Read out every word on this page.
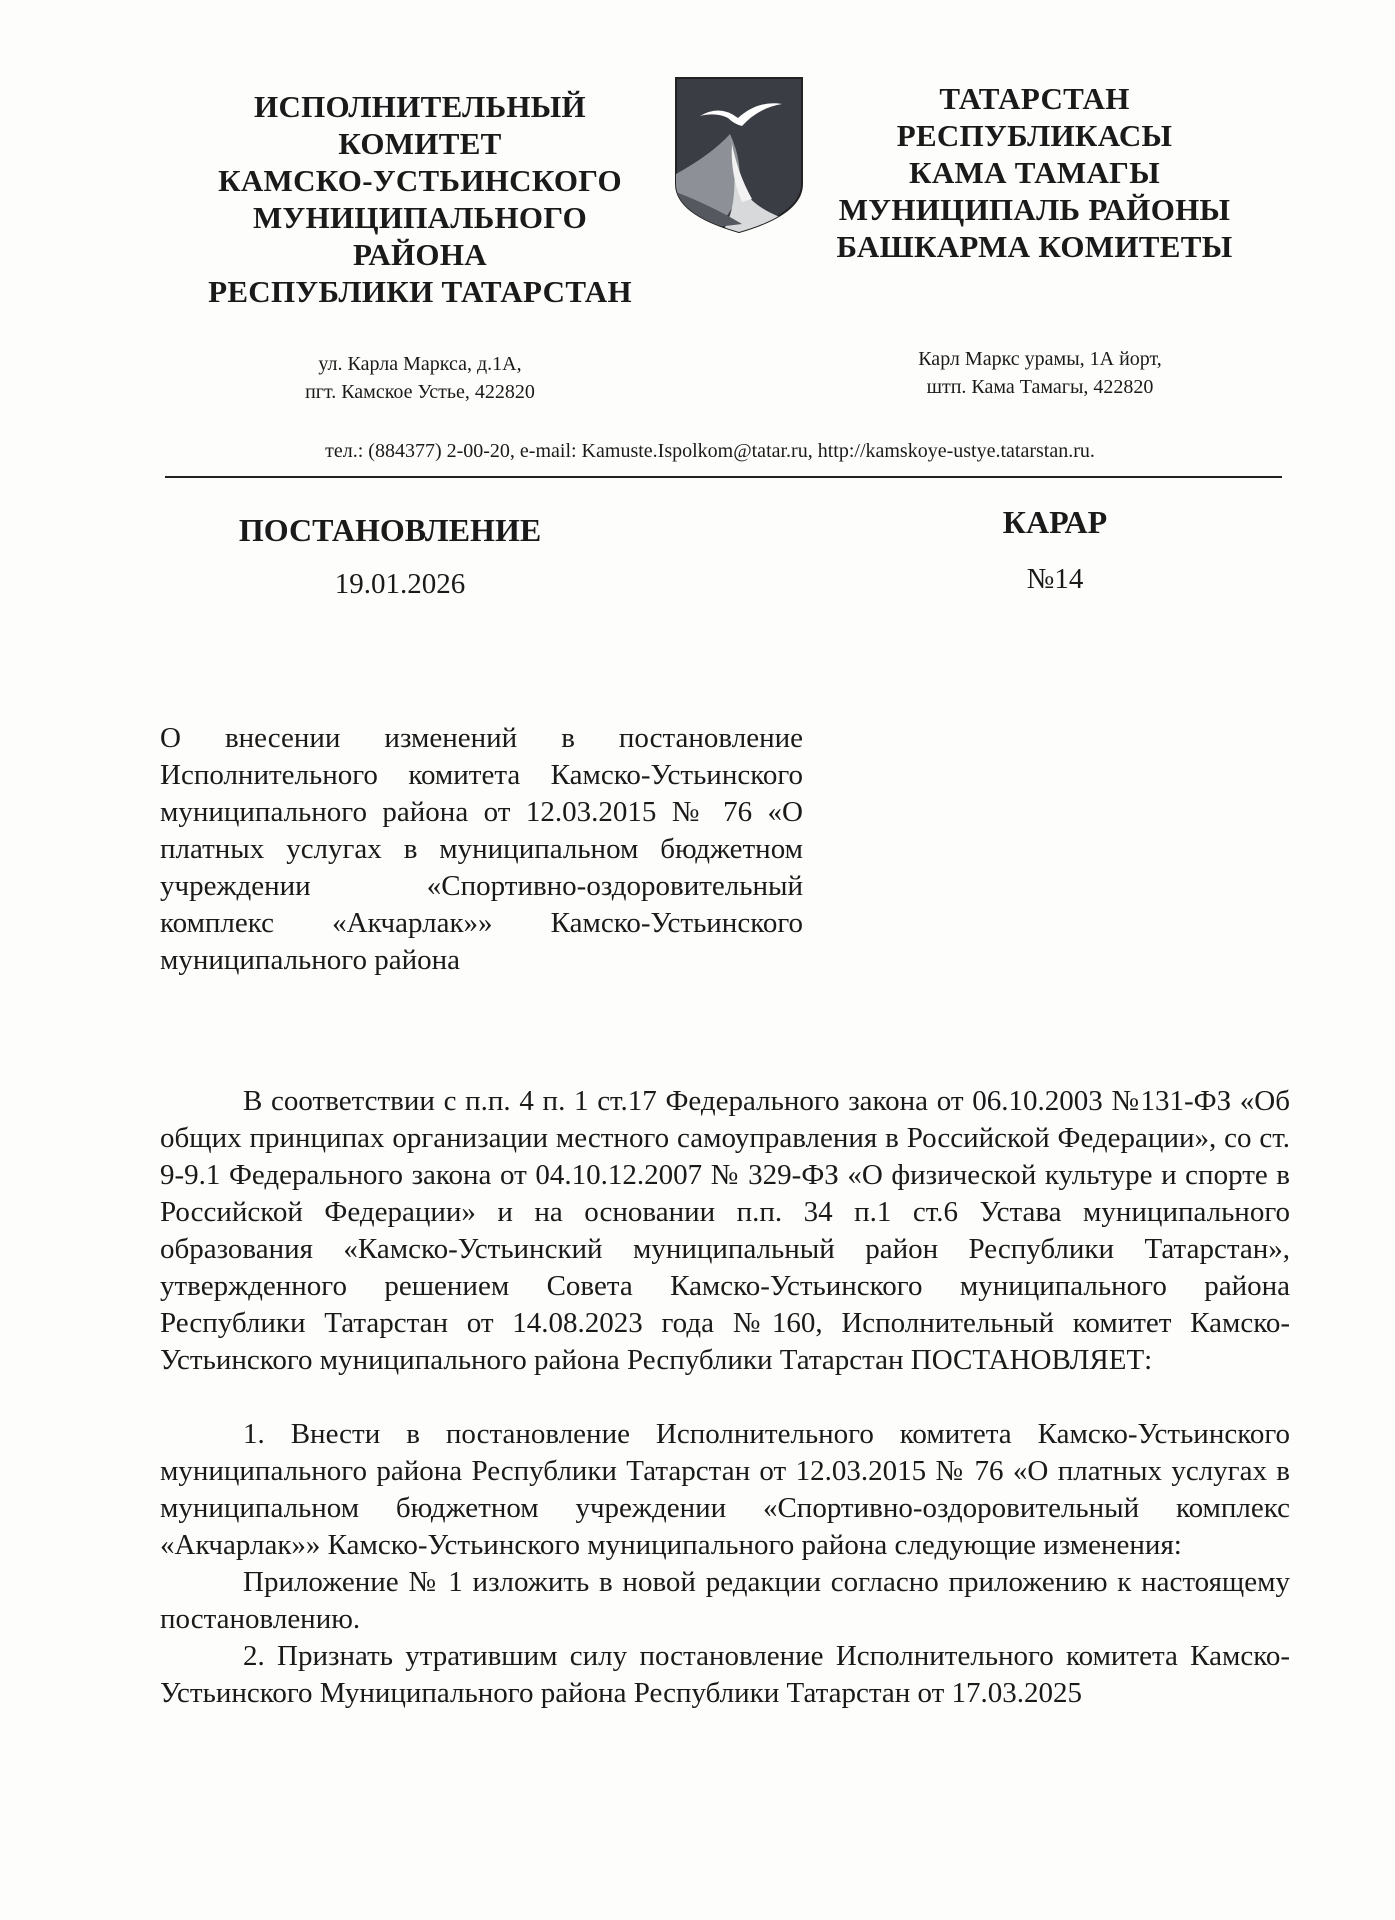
ИСПОЛНИТЕЛЬНЫЙ
КОМИТЕТ
КАМСКО-УСТЬИНСКОГО
МУНИЦИПАЛЬНОГО
РАЙОНА
РЕСПУБЛИКИ ТАТАРСТАН
ТАТАРСТАН
РЕСПУБЛИКАСЫ
КАМА ТАМАГЫ
МУНИЦИПАЛЬ РАЙОНЫ
БАШКАРМА КОМИТЕТЫ
ул. Карла Маркса, д.1А,
пгт. Камское Устье, 422820
Карл Маркс урамы, 1А йорт,
штп. Кама Тамагы, 422820
тел.: (884377) 2-00-20, e-mail: Kamuste.Ispolkom@tatar.ru, http://kamskoye-ustye.tatarstan.ru.
ПОСТАНОВЛЕНИЕ	КАРАР
19.01.2026	№14

О внесении изменений в постановление Исполнительного комитета Камско-Устьинского муниципального района от 12.03.2015 № 76 «О платных услугах в муниципальном бюджетном учреждении «Спортивно-оздоровительный комплекс «Акчарлак»» Камско-Устьинского муниципального района

В соответствии с п.п. 4 п. 1 ст.17 Федерального закона от 06.10.2003 №131-ФЗ «Об общих принципах организации местного самоуправления в Российской Федерации», со ст. 9-9.1 Федерального закона от 04.10.12.2007 № 329-ФЗ «О физической культуре и спорте в Российской Федерации» и на основании п.п. 34 п.1 ст.6 Устава муниципального образования «Камско-Устьинский муниципальный район Республики Татарстан», утвержденного решением Совета Камско-Устьинского муниципального района Республики Татарстан от 14.08.2023 года №160, Исполнительный комитет Камско-Устьинского муниципального района Республики Татарстан ПОСТАНОВЛЯЕТ:

1. Внести в постановление Исполнительного комитета Камско-Устьинского муниципального района Республики Татарстан от 12.03.2015 № 76 «О платных услугах в муниципальном бюджетном учреждении «Спортивно-оздоровительный комплекс «Акчарлак»» Камско-Устьинского муниципального района следующие изменения:

Приложение № 1 изложить в новой редакции согласно приложению к настоящему постановлению.

2. Признать утратившим силу постановление Исполнительного комитета Камско-Устьинского Муниципального района Республики Татарстан от 17.03.2025
